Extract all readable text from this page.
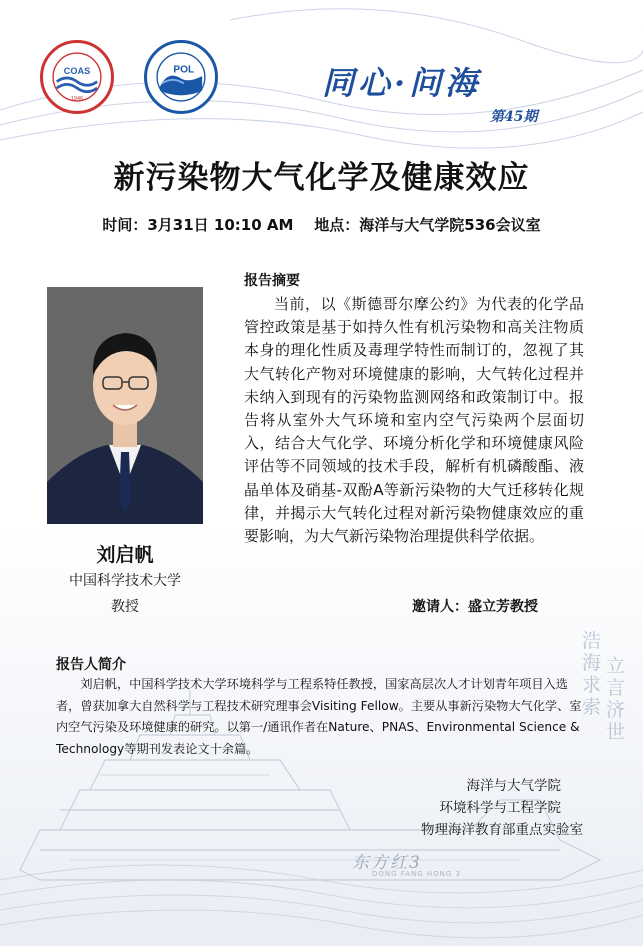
COAS
1946
POL	同心·问海
第45期
新污染物大气化学及健康效应
时间：3月31日 10:10 AM    地点：海洋与大气学院536会议室
刘启帆
中国科学技术大学
教授
报告摘要
当前，以《斯德哥尔摩公约》为代表的化学品管控政策是基于如持久性有机污染物和高关注物质本身的理化性质及毒理学特性而制订的，忽视了其大气转化产物对环境健康的影响，大气转化过程并未纳入到现有的污染物监测网络和政策制订中。报告将从室外大气环境和室内空气污染两个层面切入，结合大气化学、环境分析化学和环境健康风险评估等不同领域的技术手段，解析有机磷酸酯、液晶单体及硝基-双酚A等新污染物的大气迁移转化规律，并揭示大气转化过程对新污染物健康效应的重要影响，为大气新污染物治理提供科学依据。
邀请人：盛立芳教授
报告人简介
刘启帆，中国科学技术大学环境科学与工程系特任教授，国家高层次人才计划青年项目入选者，曾获加拿大自然科学与工程技术研究理事会Visiting Fellow。主要从事新污染物大气化学、室内空气污染及环境健康的研究。以第一/通讯作者在Nature、PNAS、Environmental Science & Technology等期刊发表论文十余篇。
海洋与大气学院
环境科学与工程学院
物理海洋教育部重点实验室
浩海求索
立言济世
东方红3
DONG FANG HONG 3
